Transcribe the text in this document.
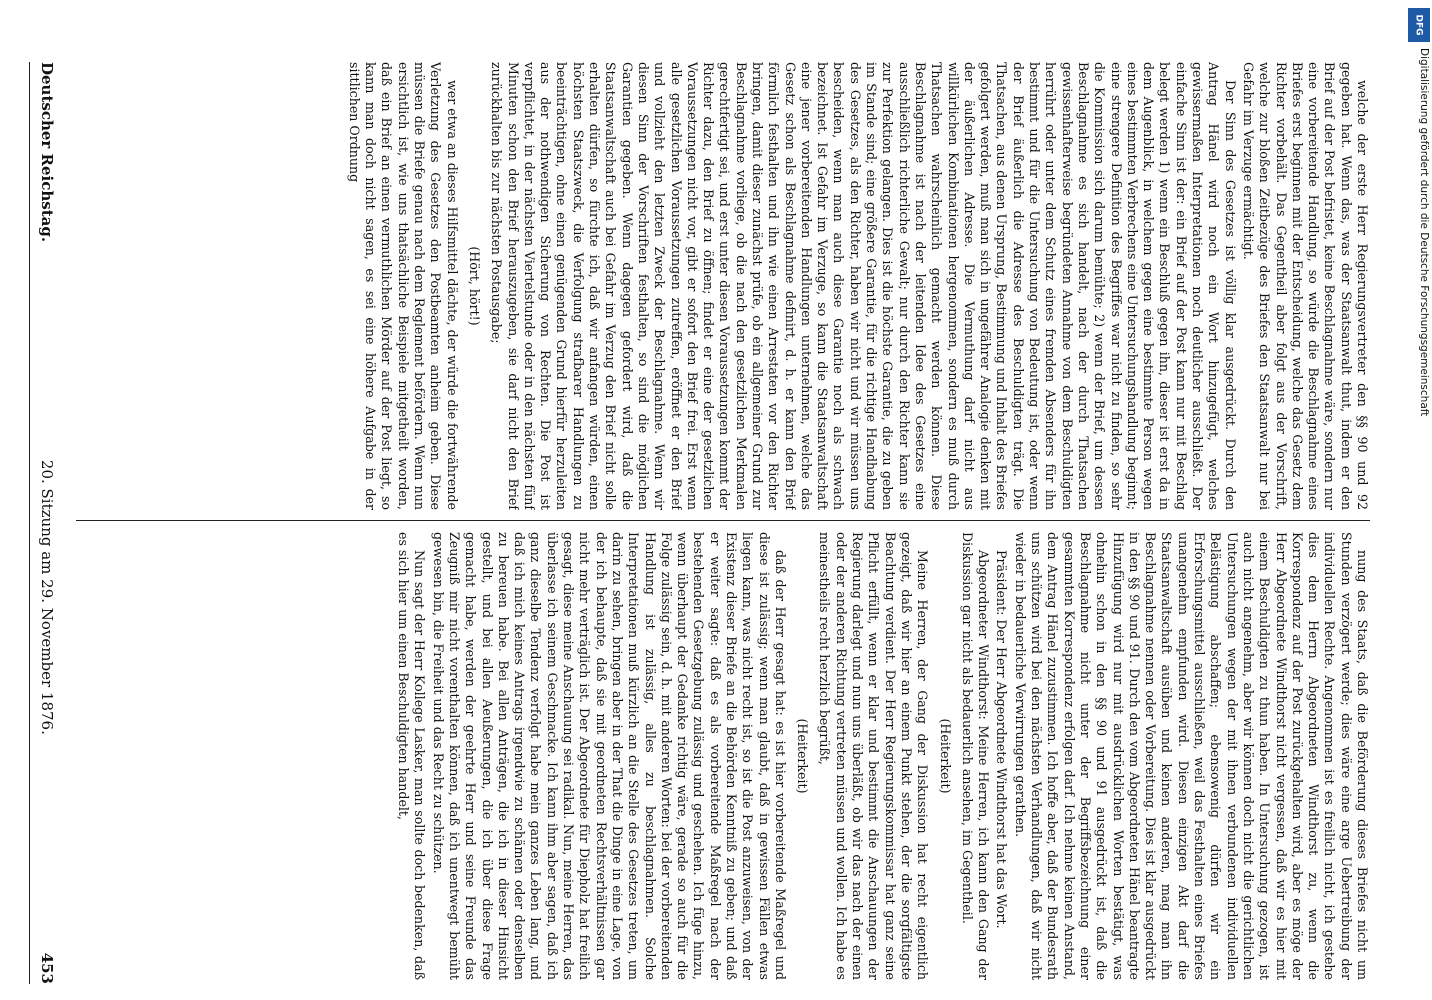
Deutscher Reichstag.
20. Sitzung am 29. November 1876.
453

welche der erste Herr Regierungsvertreter den §§ 90 und 92 gegeben hat. Wenn das, was der Staatsanwalt thut, indem er den Brief auf der Post befristet, keine Beschlagnahme wäre, sondern nur eine vorbereitende Handlung, so würde die Beschlagnahme eines Briefes erst beginnen mit der Entscheidung, welche das Gesetz dem Richter vorbehält. Das Gegentheil aber folgt aus der Vorschrift, welche zur bloßen Zeitbezüge des Briefes den Staatsanwalt nur bei Gefahr im Verzuge ermächtigt.

Der Sinn des Gesetzes ist völlig klar ausgedrückt. Durch den Antrag Hänel wird noch ein Wort hinzugefügt, welches gewissermaßen Interpretationen noch deutlicher ausschließt. Der einfache Sinn ist der: ein Brief auf der Post kann nur mit Beschlag belegt werden 1) wenn ein Beschluß gegen ihn, dieser ist erst da in dem Augenblick, in welchem gegen eine bestimmte Person wegen eines bestimmten Verbrechens eine Untersuchungshandlung beginnt; eine strengere Definition des Begriffes war nicht zu finden, so sehr die Kommission sich darum bemühte; 2) wenn der Brief, um dessen Beschlagnahme es sich handelt, nach der durch Thatsachen gewissenhafterweise begründeten Annahme von dem Beschuldigten herrührt oder unter dem Schutz eines fremden Absenders für ihn bestimmt und für die Untersuchung von Bedeutung ist, oder wenn der Brief äußerlich die Adresse des Beschuldigten trägt. Die Thatsachen, aus denen Ursprung, Bestimmung und Inhalt des Briefes gefolgert werden, muß man sich in ungefährer Analogie denken mit der äußerlichen Adresse. Die Vermuthung darf nicht aus willkürlichen Kombinationen hergenommen, sondern es muß durch Thatsachen wahrscheinlich gemacht werden können. Diese Beschlagnahme ist nach der leitenden Idee des Gesetzes eine ausschließlich richterliche Gewalt; nur durch den Richter kann sie zur Perfektion gelangen. Dies ist die höchste Garantie, die zu geben im Stande sind; eine größere Garantie, für die richtige Handhabung des Gesetzes, als den Richter, haben wir nicht und wir müssen uns bescheiden, wenn man auch diese Garantie noch als schwach bezeichnet. Ist Gefahr im Verzuge, so kann die Staatsanwaltschaft eine jener vorbereitenden Handlungen unternehmen, welche das Gesetz schon als Beschlagnahme definirt, d. h. er kann den Brief förmlich festhalten und ihn wie einen Arrestaten vor den Richter bringen, damit dieser zunächst prüfe, ob ein allgemeiner Grund zur Beschlagnahme vorliege, ob die nach den gesetzlichen Merkmalen gerechtfertigt sei, und erst unter diesen Voraussetzungen kommt der Richter dazu, den Brief zu öffnen; findet er eine der gesetzlichen Voraussetzungen nicht vor, gibt er sofort den Brief frei. Erst wenn alle gesetzlichen Voraussetzungen zutreffen, eröffnet er den Brief und vollzieht den letzten Zweck der Beschlagnahme. Wenn wir diesen Sinn der Vorschriften festhalten, so sind die möglichen Garantien gegeben. Wenn dagegen gefordert wird, daß die Staatsanwaltschaft auch bei Gefahr im Verzug den Brief nicht solle erhalten dürfen, so fürchte ich, daß wir anfangen würden, einen höchsten Staatszweck, die Verfolgung strafbarer Handlungen zu beeinträchtigen, ohne einen genügenden Grund hierfür herzuleiten aus der nothwendigen Sicherung von Rechten. Die Post ist verpflichtet, in der nächsten Viertelstunde oder in den nächsten fünf Minuten schon den Brief herauszugeben, sie darf nicht den Brief zurückhalten bis zur nächsten Postausgabe;

(Hört, hört!)

wer etwa an dieses Hilfsmittel dächte, der würde die fortwährende Verletzung des Gesetzes den Postbeamten anheim geben. Diese müssen die Briefe genau nach dem Reglement befördern. Wenn nun ersichtlich ist, wie uns thatsächliche Beispiele mitgetheilt worden, daß ein Brief an einen vermuthlichen Mörder auf der Post liegt, so kann man doch nicht sagen, es sei eine höhere Aufgabe in der sittlichen Ordnung

nung des Staats, daß die Beförderung dieses Briefes nicht um Stunden verzögert werde; dies wäre eine arge Uebertreibung der individuellen Rechte. Angenommen ist es freilich nicht, ich gestehe dies dem Herrn Abgeordneten Windthorst zu, wenn die Korrespondenz auf der Post zurückgehalten wird, aber es möge der Herr Abgeordnete Windthorst nicht vergessen, daß wir es hier mit einem Beschuldigten zu thun haben. In Untersuchung gezogen, ist auch nicht angenehm, aber wir können doch nicht die gerichtlichen Untersuchungen wegen der mit ihnen verbundenen individuellen Belästigung abschaffen; ebensowenig dürfen wir ein Erforschungsmittel ausschließen, weil das Festhalten eines Briefes unangenehm empfunden wird. Diesen einzigen Akt darf die Staatsanwaltschaft ausüben und keinen anderen, mag man ihn Beschlagnahme nennen oder Vorbereitung. Dies ist klar ausgedrückt in den §§ 90 und 91. Durch den vom Abgeordneten Hänel beantragte Hinzufügung wird nur mit ausdrücklichen Worten bestätigt, was ohnehin schon in den §§ 90 und 91 ausgedrückt ist, daß die Beschlagnahme nicht unter der Begriffsbezeichnung einer gesammten Korrespondenz erfolgen darf. Ich nehme keinen Anstand, dem Antrag Hänel zuzustimmen. Ich hoffe aber, daß der Bundesrath uns schützen wird bei den nächsten Verhandlungen, daß wir nicht wieder in bedauerliche Verwirrungen gerathen.

Präsident: Der Herr Abgeordnete Windthorst hat das Wort.

Abgeordneter Windthorst: Meine Herren, ich kann den Gang der Diskussion gar nicht als bedauerlich ansehen, im Gegentheil.

(Heiterkeit)

Meine Herren, der Gang der Diskussion hat recht eigentlich gezeigt, daß wir hier an einem Punkt stehen, der die sorgfältigste Beachtung verdient. Der Herr Regierungskommissar hat ganz seine Pflicht erfüllt, wenn er klar und bestimmt die Anschauungen der Regierung darlegt und nun uns überläßt, ob wir das nach der einen oder der anderen Richtung vertreten müssen und wollen. Ich habe es meinestheils recht herzlich begrüßt,

(Heiterkeit)

daß der Herr gesagt hat: es ist hier vorbereitende Maßregel und diese ist zulässig; wenn man glaubt, daß in gewissen Fällen etwas liegen kann, was nicht recht ist, so ist die Post anzuweisen, von der Existenz dieser Briefe an die Behörden Kenntniß zu geben; und daß er weiter sagte: daß es als vorbereitende Maßregel nach der bestehenden Gesetzgebung zulässig und geschehen. Ich füge hinzu, wenn überhaupt der Gedanke richtig wäre, gerade so auch für die Folge zulässig sein, d. h. mit anderen Worten: bei der vorbereitenden Handlung ist zulässig, alles zu beschlagnahmen. Solche Interpretationen muß kürzlich an die Stelle des Gesetzes treten, um darin zu sehen, bringen aber in der That die Dinge in eine Lage, von der ich behaupte, daß sie mit geordneten Rechtsverhältnissen gar nicht mehr verträglich ist. Der Abgeordnete für Diepholz hat freilich gesagt, diese meine Anschauung sei radikal. Nun, meine Herren, das überlasse ich seinem Geschmacke. Ich kann ihm aber sagen, daß ich ganz dieselbe Tendenz verfolgt habe mein ganzes Leben lang, und daß ich mich keines Antrags irgendwie zu schämen oder denselben zu bereuen habe. Bei allen Anträgen, die ich in dieser Hinsicht gestellt, und bei allen Aeußerungen, die ich über diese Frage gemacht habe, werden der geehrte Herr und seine Freunde das Zeugniß mir nicht vorenthalten können, daß ich unentwegt bemüht gewesen bin, die Freiheit und das Recht zu schützen.

Nun sagt der Herr Kollege Lasker, man sollte doch bedenken, daß es sich hier um einen Beschuldigten handelt,

DFG
Digitalisierung gefördert durch die Deutsche Forschungsgemeinschaft
